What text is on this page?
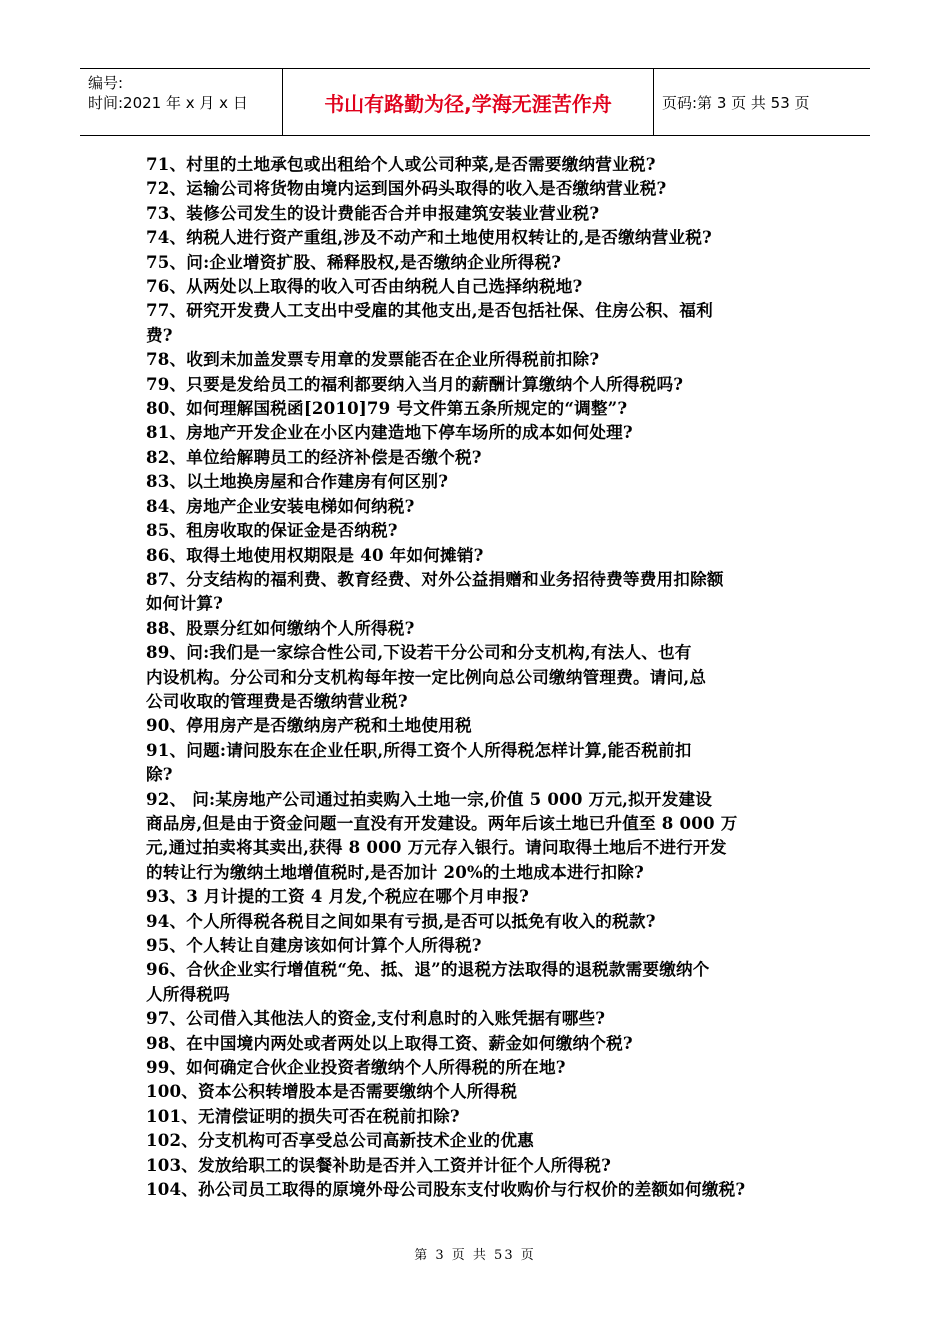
编号:
时间:2021 年 x 月 x 日	书山有路勤为径,学海无涯苦作舟	页码:第 3 页 共 53 页

71、村里的土地承包或出租给个人或公司种菜,是否需要缴纳营业税?

72、运输公司将货物由境内运到国外码头取得的收入是否缴纳营业税?

73、装修公司发生的设计费能否合并申报建筑安装业营业税?

74、纳税人进行资产重组,涉及不动产和土地使用权转让的,是否缴纳营业税?

75、问:企业增资扩股、稀释股权,是否缴纳企业所得税?

76、从两处以上取得的收入可否由纳税人自己选择纳税地?

77、研究开发费人工支出中受雇的其他支出,是否包括社保、住房公积、福利

费?

78、收到未加盖发票专用章的发票能否在企业所得税前扣除?

79、只要是发给员工的福利都要纳入当月的薪酬计算缴纳个人所得税吗?

80、如何理解国税函[2010]79 号文件第五条所规定的“调整”?

81、房地产开发企业在小区内建造地下停车场所的成本如何处理?

82、单位给解聘员工的经济补偿是否缴个税?

83、以土地换房屋和合作建房有何区别?

84、房地产企业安装电梯如何纳税?

85、租房收取的保证金是否纳税?

86、取得土地使用权期限是 40 年如何摊销?

87、分支结构的福利费、教育经费、对外公益捐赠和业务招待费等费用扣除额

如何计算?

88、股票分红如何缴纳个人所得税?

89、问:我们是一家综合性公司,下设若干分公司和分支机构,有法人、也有

内设机构。分公司和分支机构每年按一定比例向总公司缴纳管理费。请问,总

公司收取的管理费是否缴纳营业税?

90、停用房产是否缴纳房产税和土地使用税

91、问题:请问股东在企业任职,所得工资个人所得税怎样计算,能否税前扣

除?

92、 问:某房地产公司通过拍卖购入土地一宗,价值 5 000 万元,拟开发建设

商品房,但是由于资金问题一直没有开发建设。两年后该土地已升值至 8 000 万

元,通过拍卖将其卖出,获得 8 000 万元存入银行。请问取得土地后不进行开发

的转让行为缴纳土地增值税时,是否加计 20%的土地成本进行扣除?

93、3 月计提的工资 4 月发,个税应在哪个月申报?

94、个人所得税各税目之间如果有亏损,是否可以抵免有收入的税款?

95、个人转让自建房该如何计算个人所得税?

96、合伙企业实行增值税“免、抵、退”的退税方法取得的退税款需要缴纳个

人所得税吗

97、公司借入其他法人的资金,支付利息时的入账凭据有哪些?

98、在中国境内两处或者两处以上取得工资、薪金如何缴纳个税?

99、如何确定合伙企业投资者缴纳个人所得税的所在地?

100、资本公积转增股本是否需要缴纳个人所得税

101、无清偿证明的损失可否在税前扣除?

102、分支机构可否享受总公司高新技术企业的优惠

103、发放给职工的误餐补助是否并入工资并计征个人所得税?

104、孙公司员工取得的原境外母公司股东支付收购价与行权价的差额如何缴税?

第 3 页 共 53 页
